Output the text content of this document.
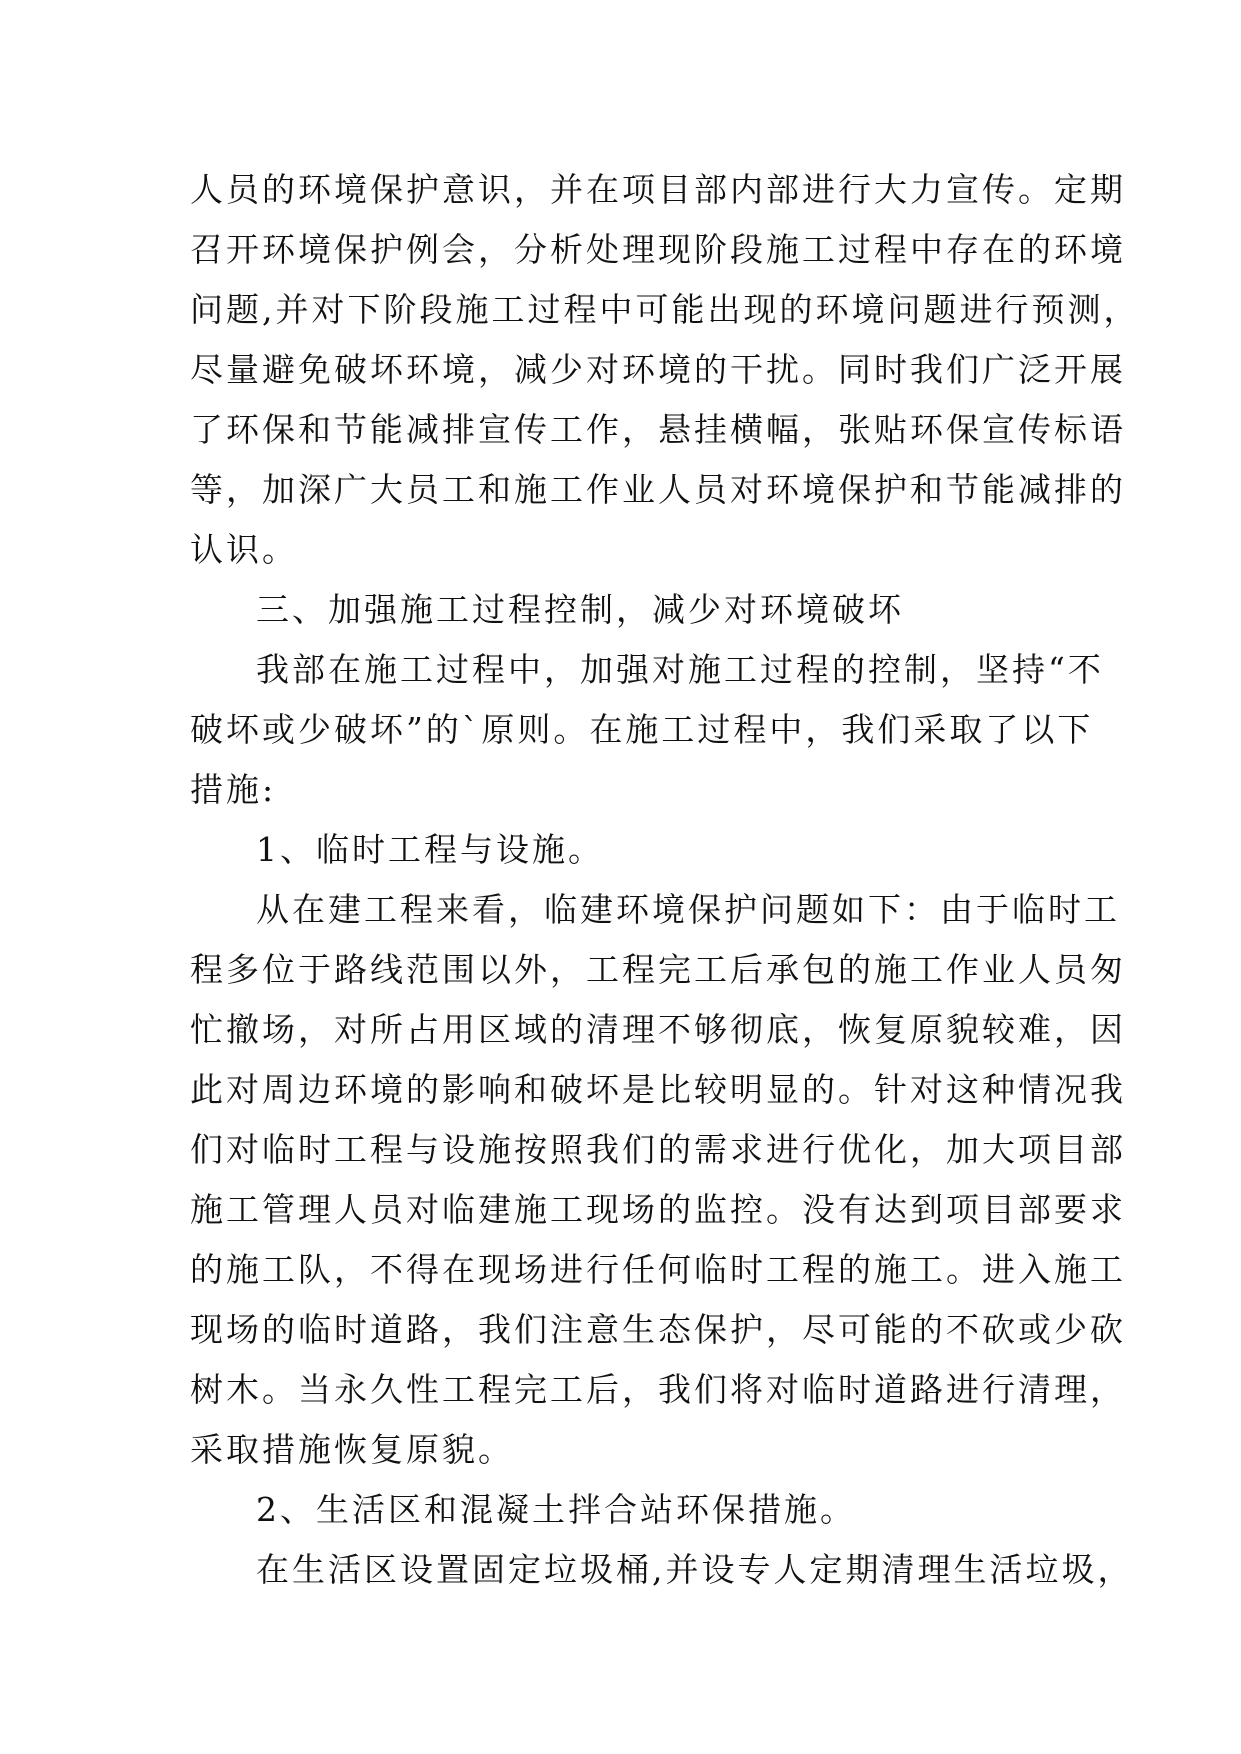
人员的环境保护意识，并在项目部内部进行大力宣传。定期
召开环境保护例会，分析处理现阶段施工过程中存在的环境
问题,并对下阶段施工过程中可能出现的环境问题进行预测，
尽量避免破坏环境，减少对环境的干扰。同时我们广泛开展
了环保和节能减排宣传工作，悬挂横幅，张贴环保宣传标语
等，加深广大员工和施工作业人员对环境保护和节能减排的
认识。
三、加强施工过程控制，减少对环境破坏
我部在施工过程中，加强对施工过程的控制，坚持“不
破坏或少破坏”的`原则。在施工过程中，我们采取了以下
措施:
1、临时工程与设施。
从在建工程来看，临建环境保护问题如下：由于临时工
程多位于路线范围以外，工程完工后承包的施工作业人员匆
忙撤场，对所占用区域的清理不够彻底，恢复原貌较难，因
此对周边环境的影响和破坏是比较明显的。针对这种情况我
们对临时工程与设施按照我们的需求进行优化，加大项目部
施工管理人员对临建施工现场的监控。没有达到项目部要求
的施工队，不得在现场进行任何临时工程的施工。进入施工
现场的临时道路，我们注意生态保护，尽可能的不砍或少砍
树木。当永久性工程完工后，我们将对临时道路进行清理，
采取措施恢复原貌。
2、生活区和混凝土拌合站环保措施。
在生活区设置固定垃圾桶,并设专人定期清理生活垃圾，
